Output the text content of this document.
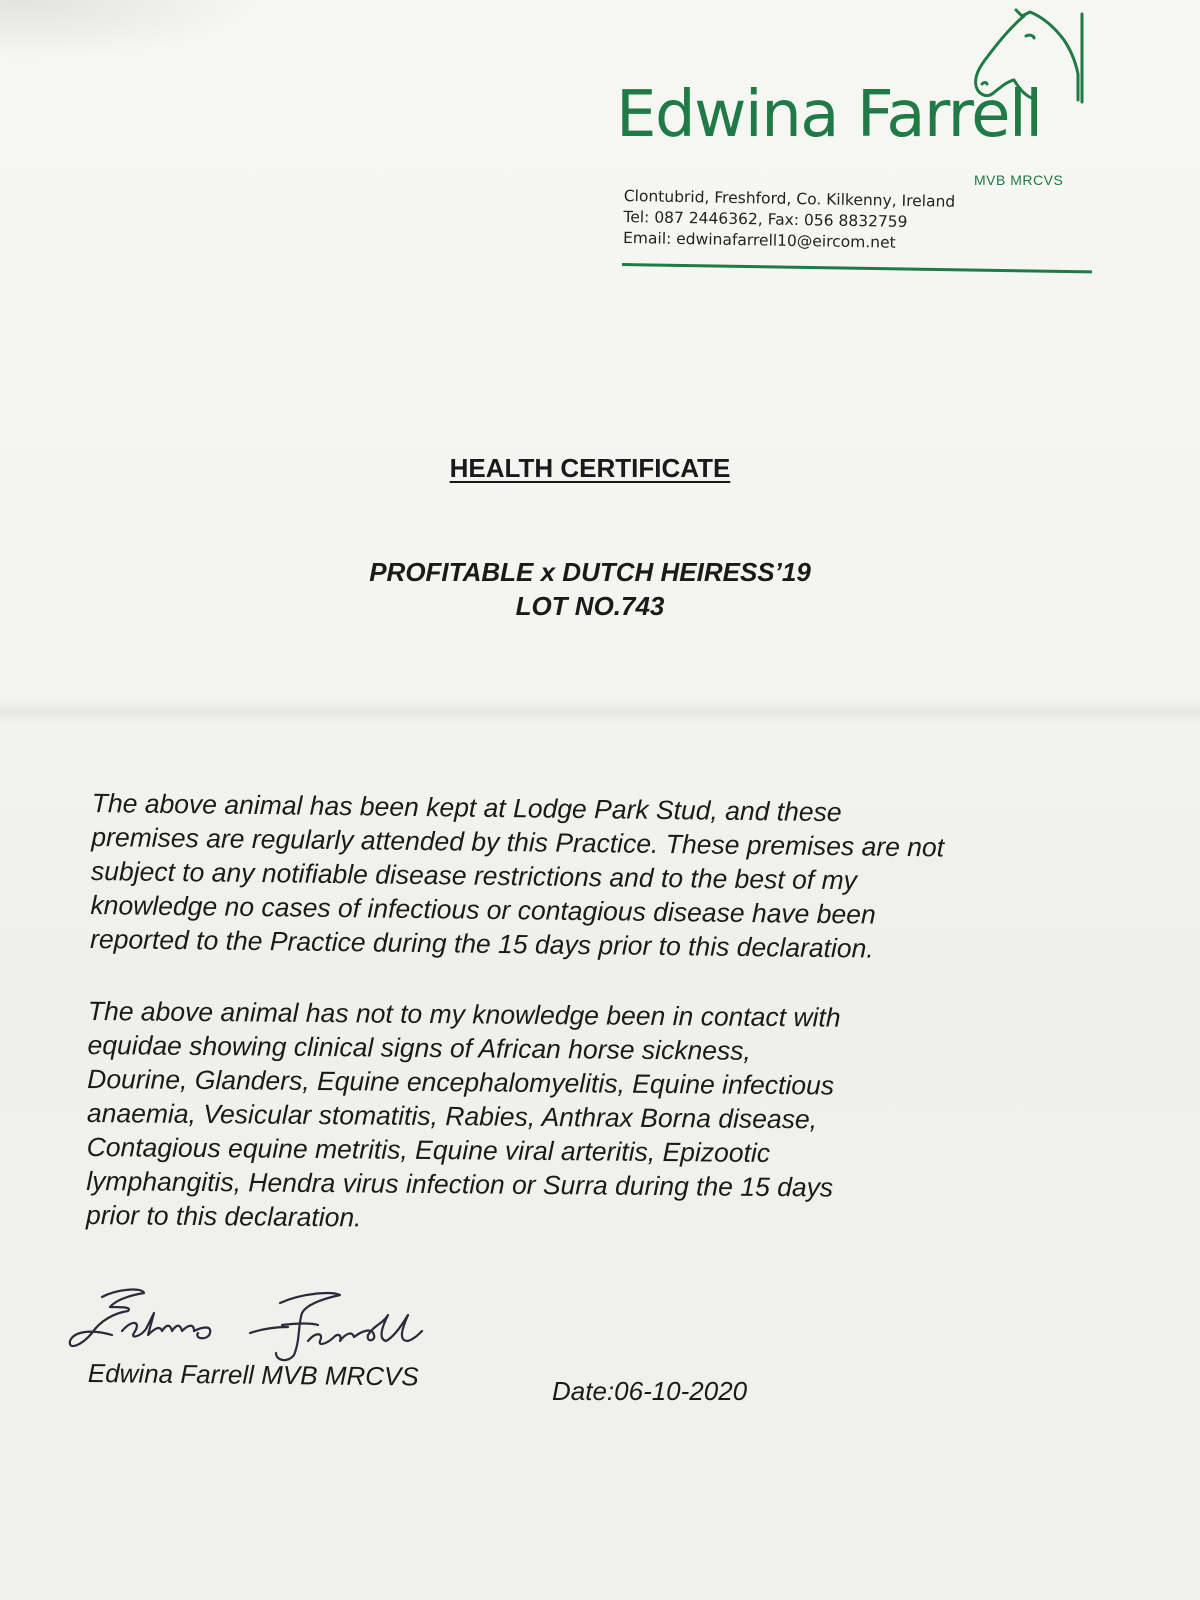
Edwina Farrell
MVB MRCVS
Clontubrid, Freshford, Co. Kilkenny, Ireland
Tel: 087 2446362, Fax: 056 8832759
Email: edwinafarrell10@eircom.net
HEALTH CERTIFICATE
PROFITABLE x DUTCH HEIRESS’19
LOT NO.743
The above animal has been kept at Lodge Park Stud, and these
premises are regularly attended by this Practice. These premises are not
subject to any notifiable disease restrictions and to the best of my
knowledge no cases of infectious or contagious disease have been
reported to the Practice during the 15 days prior to this declaration.
The above animal has not to my knowledge been in contact with
equidae showing clinical signs of African horse sickness,
Dourine, Glanders, Equine encephalomyelitis, Equine infectious
anaemia, Vesicular stomatitis, Rabies, Anthrax Borna disease,
Contagious equine metritis, Equine viral arteritis, Epizootic
lymphangitis, Hendra virus infection or Surra during the 15 days
prior to this declaration.
Edwina Farrell MVB MRCVS	Date:06-10-2020
